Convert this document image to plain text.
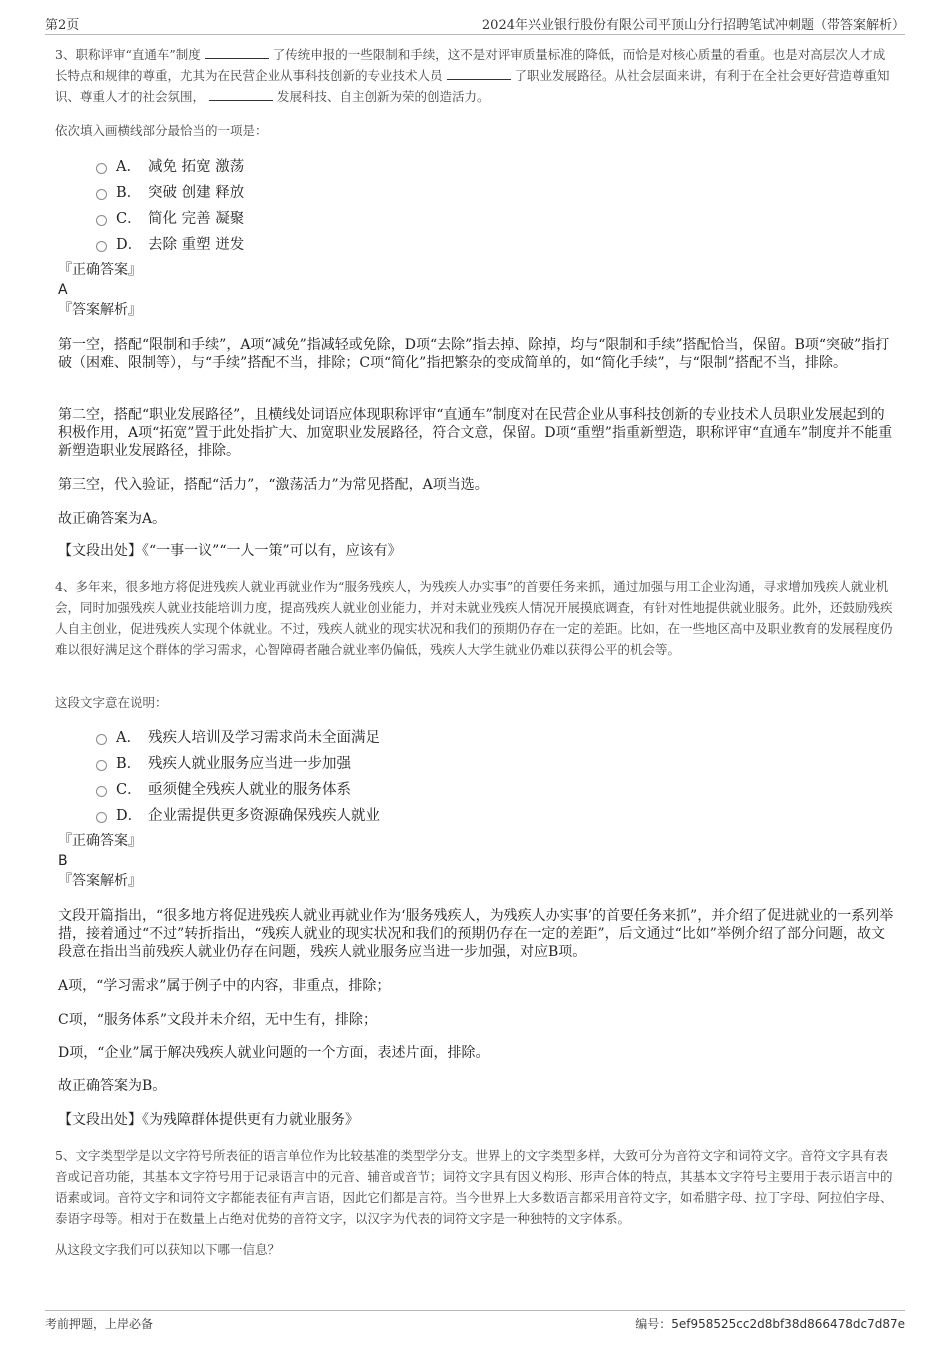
第2页	2024年兴业银行股份有限公司平顶山分行招聘笔试冲刺题（带答案解析）
3、职称评审“直通车”制度	了传统申报的一些限制和手续，这不是对评审质量标准的降低，而恰是对核心质量的看重。也是对高层次人才成长特点和规律的尊重，尤其为在民营企业从事科技创新的专业技术人员	了职业发展路径。从社会层面来讲，有利于在全社会更好营造尊重知识、尊重人才的社会氛围，	发展科技、自主创新为荣的创造活力。
依次填入画横线部分最恰当的一项是：
A． 减免 拓宽 激荡
B． 突破 创建 释放
C． 简化 完善 凝聚
D． 去除 重塑 迸发
『正确答案』
A
『答案解析』
第一空，搭配“限制和手续”，A项“减免”指减轻或免除，D项“去除”指去掉、除掉，均与“限制和手续”搭配恰当，保留。B项“突破”指打破（困难、限制等），与“手续”搭配不当，排除；C项“简化”指把繁杂的变成简单的，如“简化手续”，与“限制”搭配不当，排除。
第二空，搭配“职业发展路径”，且横线处词语应体现职称评审“直通车”制度对在民营企业从事科技创新的专业技术人员职业发展起到的积极作用，A项“拓宽”置于此处指扩大、加宽职业发展路径，符合文意，保留。D项“重塑”指重新塑造，职称评审“直通车”制度并不能重新塑造职业发展路径，排除。
第三空，代入验证，搭配“活力”，“激荡活力”为常见搭配，A项当选。
故正确答案为A。
【文段出处】《“一事一议”“一人一策”可以有，应该有》
4、多年来，很多地方将促进残疾人就业再就业作为“服务残疾人，为残疾人办实事”的首要任务来抓，通过加强与用工企业沟通，寻求增加残疾人就业机会，同时加强残疾人就业技能培训力度，提高残疾人就业创业能力，并对未就业残疾人情况开展摸底调查，有针对性地提供就业服务。此外，还鼓励残疾人自主创业，促进残疾人实现个体就业。不过，残疾人就业的现实状况和我们的预期仍存在一定的差距。比如，在一些地区高中及职业教育的发展程度仍难以很好满足这个群体的学习需求，心智障碍者融合就业率仍偏低，残疾人大学生就业仍难以获得公平的机会等。
这段文字意在说明：
A． 残疾人培训及学习需求尚未全面满足
B． 残疾人就业服务应当进一步加强
C． 亟须健全残疾人就业的服务体系
D． 企业需提供更多资源确保残疾人就业
『正确答案』
B
『答案解析』
文段开篇指出，“很多地方将促进残疾人就业再就业作为‘服务残疾人，为残疾人办实事’的首要任务来抓”，并介绍了促进就业的一系列举措，接着通过“不过”转折指出，“残疾人就业的现实状况和我们的预期仍存在一定的差距”，后文通过“比如”举例介绍了部分问题，故文段意在指出当前残疾人就业仍存在问题，残疾人就业服务应当进一步加强，对应B项。
A项，“学习需求”属于例子中的内容，非重点，排除；
C项，“服务体系”文段并未介绍，无中生有，排除；
D项，“企业”属于解决残疾人就业问题的一个方面，表述片面，排除。
故正确答案为B。
【文段出处】《为残障群体提供更有力就业服务》
5、文字类型学是以文字符号所表征的语言单位作为比较基准的类型学分支。世界上的文字类型多样，大致可分为音符文字和词符文字。音符文字具有表音或记音功能，其基本文字符号用于记录语言中的元音、辅音或音节；词符文字具有因义构形、形声合体的特点，其基本文字符号主要用于表示语言中的语素或词。音符文字和词符文字都能表征有声言语，因此它们都是言符。当今世界上大多数语言都采用音符文字，如希腊字母、拉丁字母、阿拉伯字母、泰语字母等。相对于在数量上占绝对优势的音符文字，以汉字为代表的词符文字是一种独特的文字体系。
从这段文字我们可以获知以下哪一信息？
考前押题，上岸必备	编号：5ef958525cc2d8bf38d866478dc7d87e
